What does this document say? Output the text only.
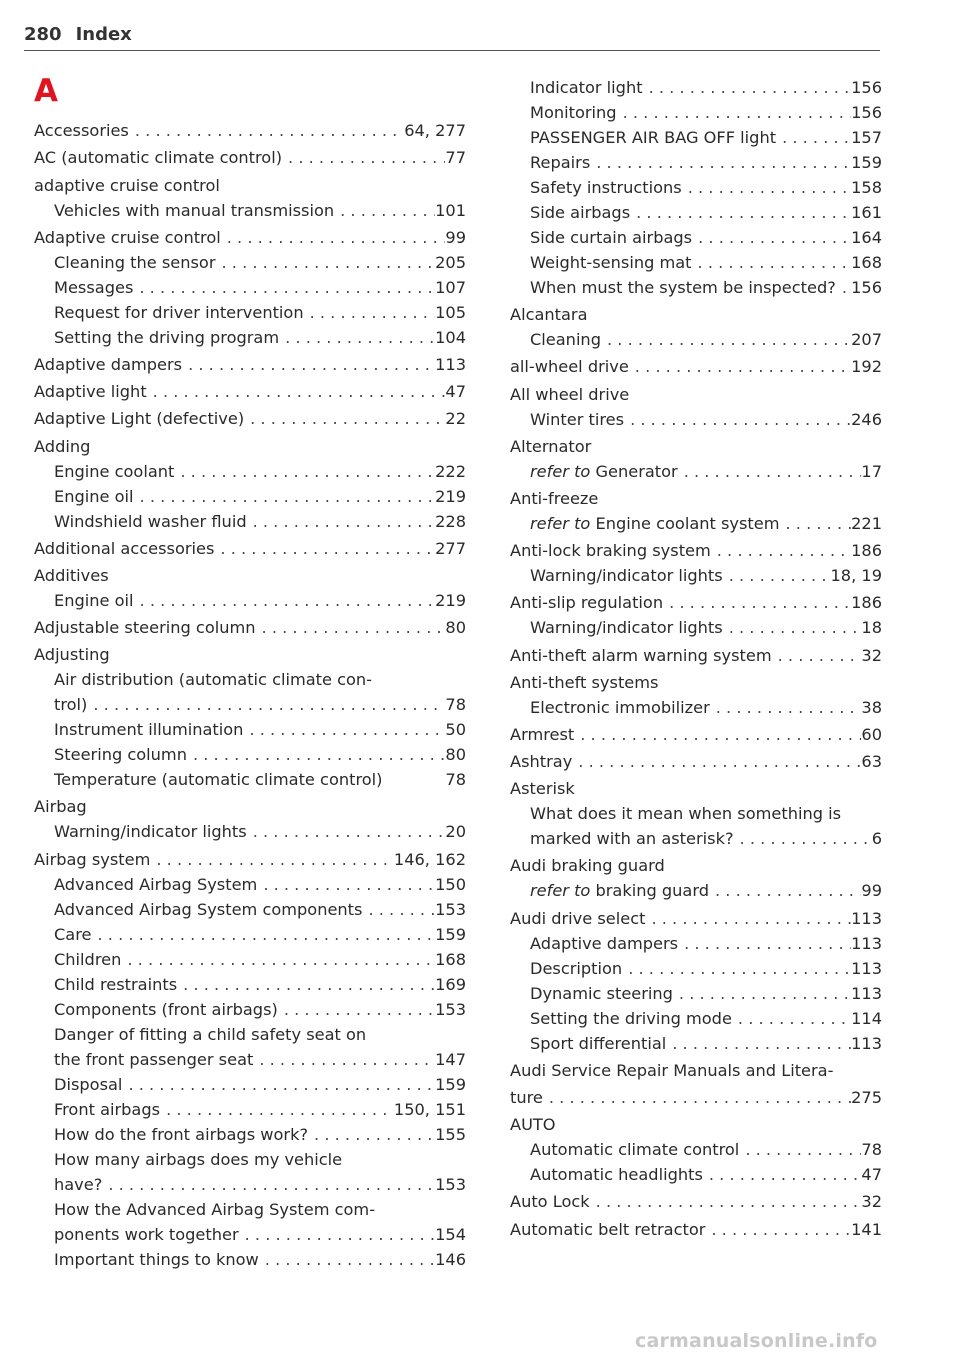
280 Index
A
Accessories . . .	64, 277
AC (automatic climate control) . . .	77
adaptive cruise control
Vehicles with manual transmission . . .	101
Adaptive cruise control . . .	99
Cleaning the sensor . . .	205
Messages . . .	107
Request for driver intervention . . .	105
Setting the driving program . . .	104
Adaptive dampers . . .	113
Adaptive light . . .	47
Adaptive Light (defective) . . .	22
Adding
Engine coolant . . .	222
Engine oil . . .	219
Windshield washer fluid . . .	228
Additional accessories . . .	277
Additives
Engine oil . . .	219
Adjustable steering column . . .	80
Adjusting
Air distribution (automatic climate con-
trol) . . .	78
Instrument illumination . . .	50
Steering column . . .	80
Temperature (automatic climate control)	78
Airbag
Warning/indicator lights . . .	20
Airbag system . . .	146, 162
Advanced Airbag System . . .	150
Advanced Airbag System components . . .	153
Care . . .	159
Children . . .	168
Child restraints . . .	169
Components (front airbags) . . .	153
Danger of fitting a child safety seat on
the front passenger seat . . .	147
Disposal . . .	159
Front airbags . . .	150, 151
How do the front airbags work? . . .	155
How many airbags does my vehicle
have? . . .	153
How the Advanced Airbag System com-
ponents work together . . .	154
Important things to know . . .	146
Indicator light . . .	156
Monitoring . . .	156
PASSENGER AIR BAG OFF light . . .	157
Repairs . . .	159
Safety instructions . . .	158
Side airbags . . .	161
Side curtain airbags . . .	164
Weight-sensing mat . . .	168
When must the system be inspected? . . . 156
Alcantara
Cleaning . . .	207
all-wheel drive . . .	192
All wheel drive
Winter tires . . .	246
Alternator
refer to Generator . . .	17
Anti-freeze
refer to Engine coolant system . . .	221
Anti-lock braking system . . .	186
Warning/indicator lights . . .	18, 19
Anti-slip regulation . . .	186
Warning/indicator lights . . .	18
Anti-theft alarm warning system . . .	32
Anti-theft systems
Electronic immobilizer . . .	38
Armrest . . .	60
Ashtray . . .	63
Asterisk
What does it mean when something is
marked with an asterisk? . . .	6
Audi braking guard
refer to braking guard . . .	99
Audi drive select . . .	113
Adaptive dampers . . .	113
Description . . .	113
Dynamic steering . . .	113
Setting the driving mode . . .	114
Sport differential . . .	113
Audi Service Repair Manuals and Litera-
ture . . .	275
AUTO
Automatic climate control . . .	78
Automatic headlights . . .	47
Auto Lock . . .	32
Automatic belt retractor . . .	141
carmanualsonline.info
